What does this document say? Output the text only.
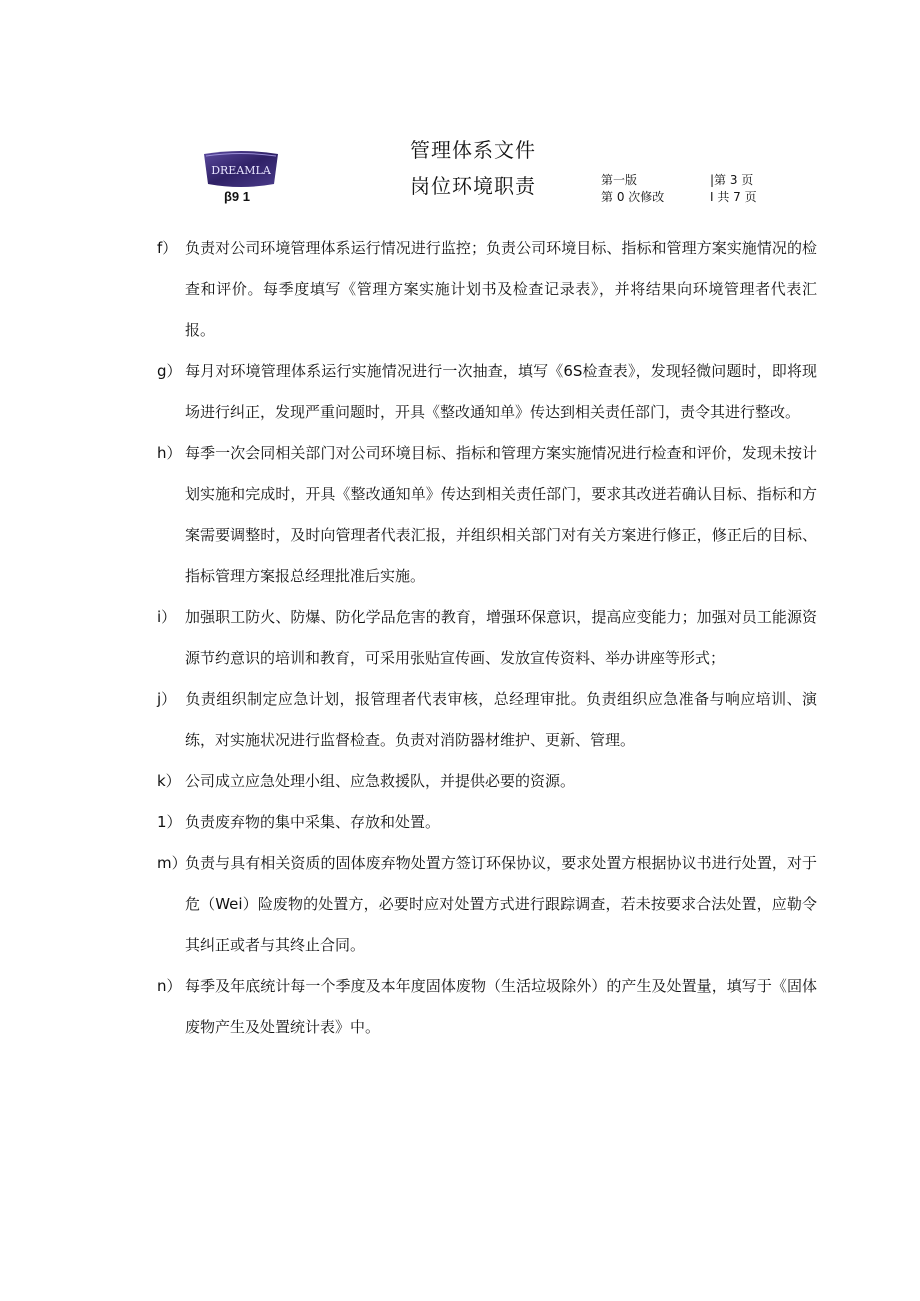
DREAMLA
β9 1
管理体系文件
岗位环境职责	第一版
第 0 次修改
|第 3 页
I 共 7 页

f） 负责对公司环境管理体系运行情况进行监控；负责公司环境目标、指标和管理方案实施情况的检查和评价。每季度填写《管理方案实施计划书及检查记录表》，并将结果向环境管理者代表汇报。

g） 每月对环境管理体系运行实施情况进行一次抽查，填写《6S检查表》，发现轻微问题时，即将现场进行纠正，发现严重问题时，开具《整改通知单》传达到相关责任部门，责令其进行整改。

h） 每季一次会同相关部门对公司环境目标、指标和管理方案实施情况进行检查和评价，发现未按计划实施和完成时，开具《整改通知单》传达到相关责任部门，要求其改迸若确认目标、指标和方案需要调整时，及时向管理者代表汇报，并组织相关部门对有关方案进行修正，修正后的目标、指标管理方案报总经理批准后实施。

i） 加强职工防火、防爆、防化学品危害的教育，增强环保意识，提高应变能力；加强对员工能源资源节约意识的培训和教育，可采用张贴宣传画、发放宣传资料、举办讲座等形式；

j） 负责组织制定应急计划，报管理者代表审核，总经理审批。负责组织应急准备与响应培训、演练，对实施状况进行监督检查。负责对消防器材维护、更新、管理。

k） 公司成立应急处理小组、应急救援队，并提供必要的资源。

1） 负责废弃物的集中采集、存放和处置。

m）负责与具有相关资质的固体废弃物处置方签订环保协议，要求处置方根据协议书进行处置，对于危（Wei）险废物的处置方，必要时应对处置方式进行跟踪调查，若未按要求合法处置，应勒令其纠正或者与其终止合同。

n） 每季及年底统计每一个季度及本年度固体废物（生活垃圾除外）的产生及处置量，填写于《固体废物产生及处置统计表》中。
